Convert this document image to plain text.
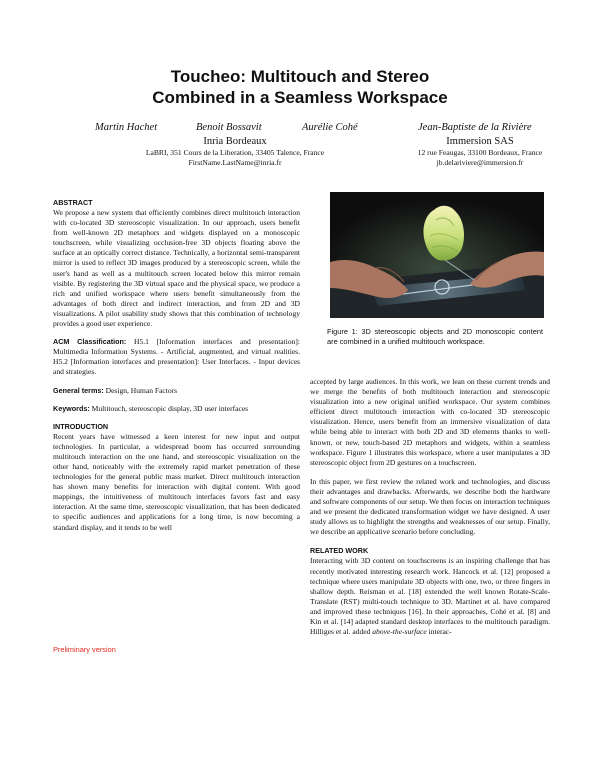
Toucheo: Multitouch and Stereo
Combined in a Seamless Workspace
Martin Hachet	Benoit Bossavit	Aurélie Cohé	Jean-Baptiste de la Rivière
Inria Bordeaux
LaBRI, 351 Cours de la Liberation, 33405 Talence, France
FirstName.LastName@inria.fr
Immersion SAS
12 rue Feaugas, 33100 Bordeaux, France
jb.delariviere@immersion.fr

ABSTRACT

We propose a new system that efficiently combines direct multitouch interaction with co-located 3D stereoscopic visualization. In our approach, users benefit from well-known 2D metaphors and widgets displayed on a monoscopic touchscreen, while visualizing occlusion-free 3D objects floating above the surface at an optically correct distance. Technically, a horizontal semi-transparent mirror is used to reflect 3D images produced by a stereoscopic screen, while the user's hand as well as a multitouch screen located below this mirror remain visible. By registering the 3D virtual space and the physical space, we produce a rich and unified workspace where users benefit simultaneously from the advantages of both direct and indirect interaction, and from 2D and 3D visualizations. A pilot usability study shows that this combination of technology provides a good user experience.

ACM Classification: H5.1 [Information interfaces and presentation]: Multimedia Information Systems. - Artificial, augmented, and virtual realities. H5.2 [Information interfaces and presentation]: User Interfaces. - Input devices and strategies.

General terms: Design, Human Factors

Keywords: Multitouch, stereoscopic display, 3D user interfaces

INTRODUCTION

Recent years have witnessed a keen interest for new input and output technologies. In particular, a widespread boom has occurred surrounding multitouch interaction on the one hand, and stereoscopic visualization on the other hand, noticeably with the extremely rapid market penetration of these technologies for the general public mass market. Direct multitouch interaction has shown many benefits for interaction with digital content. With good mappings, the intuitiveness of multitouch interfaces favors fast and easy interaction. At the same time, stereoscopic visualization, that has been dedicated to specific audiences and applications for a long time, is now becoming a standard display, and it tends to be well

Preliminary version
Figure 1: 3D stereoscopic objects and 2D monoscopic content are combined in a unified multitouch workspace.

accepted by large audiences. In this work, we lean on these current trends and we merge the benefits of both multitouch interaction and stereoscopic visualization into a new original unified workspace. Our system combines efficient direct multitouch interaction with co-located 3D stereoscopic visualization. Hence, users benefit from an immersive visualization of data while being able to interact with both 2D and 3D elements thanks to well-known, or new, touch-based 2D metaphors and widgets, within a seamless workspace. Figure 1 illustrates this workspace, where a user manipulates a 3D stereoscopic object from 2D gestures on a touchscreen.

In this paper, we first review the related work and technologies, and discuss their advantages and drawbacks. Afterwards, we describe both the hardware and software components of our setup. We then focus on interaction techniques and we present the dedicated transformation widget we have designed. A user study allows us to highlight the strengths and weaknesses of our setup. Finally, we describe an applicative scenario before concluding.

RELATED WORK

Interacting with 3D content on touchscreens is an inspiring challenge that has recently motivated interesting research work. Hancock et al. [12] proposed a technique where users manipulate 3D objects with one, two, or three fingers in shallow depth. Reisman et al. [18] extended the well known Rotate-Scale-Translate (RST) multi-touch technique to 3D. Martinet et al. have compared and improved these techniques [16]. In their approaches, Cohé et al. [8] and Kin et al. [14] adapted standard desktop interfaces to the multitouch paradigm. Hilliges et al. added above-the-surface interac-
